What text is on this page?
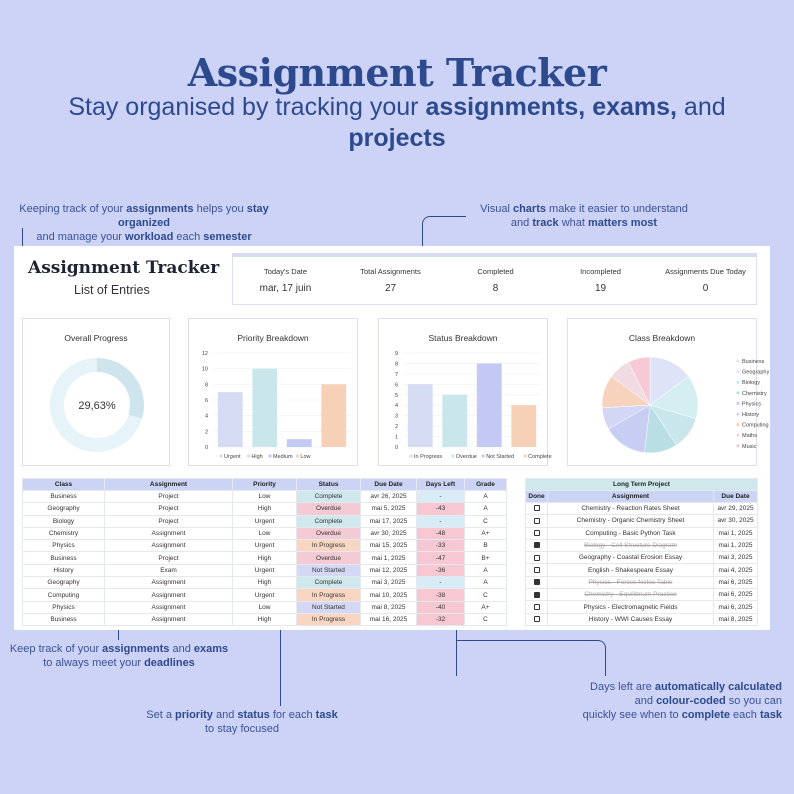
Assignment Tracker
Stay organised by tracking your assignments, exams, and
projects
Keeping track of your assignments helps you stay organized
and manage your workload each semester
Visual charts make it easier to understand
and track what matters most
Keep track of your assignments and exams
to always meet your deadlines
Set a priority and status for each task
to stay focused
Days left are automatically calculated
and colour-coded so you can
quickly see when to complete each task
Assignment Tracker
List of Entries
Today's Date
mar, 17 juin
Total Assignments
27
Completed
8
Incompleted
19
Assignments Due Today
0
Overall Progress
29,63%
Priority Breakdown
0
2
4
6
8
10
12
Urgent High Medium Low
Status Breakdown
0
1
2
3
4
5
6
7
8
9
In Progress	Overdue Not Started	Complete
Class Breakdown
Business
Geography
Biology
Chemistry
Physics
History
Computing
Maths
Music
Class	Assignment	Priority	Status	Due Date	Days Left	Grade
Business	Project	Low	Complete	avr 26, 2025	-	A
Geography	Project	High	Overdue	mai 5, 2025	-43	A
Biology	Project	Urgent	Complete	mai 17, 2025	-	C
Chemistry	Assignment	Low	Overdue	avr 30, 2025	-48	A+
Physics	Assignment	Urgent	In Progress	mai 15, 2025	-33	B
Business	Project	High	Overdue	mai 1, 2025	-47	B+
History	Exam	Urgent	Not Started	mai 12, 2025	-36	A
Geography	Assignment	High	Complete	mai 3, 2025	-	A
Computing	Assignment	Urgent	In Progress	mai 10, 2025	-38	C
Physics	Assignment	Low	Not Started	mai 8, 2025	-40	A+
Business	Assignment	High	In Progress	mai 16, 2025	-32	C
Long Term Project		
Done	Assignment	Due Date
	Chemistry - Reaction Rates Sheet	avr 29, 2025
	Chemistry - Organic Chemistry Sheet	avr 30, 2025
	Computing - Basic Python Task	mai 1, 2025
	Biology - Cell Structure Diagram	mai 1, 2025
	Geography - Coastal Erosion Essay	mai 3, 2025
	English - Shakespeare Essay	mai 4, 2025
	Physics - Forces Notes Table	mai 6, 2025
	Chemistry - Equilibrium Practice	mai 6, 2025
	Physics - Electromagnetic Fields	mai 6, 2025
	History - WWI Causes Essay	mai 8, 2025
